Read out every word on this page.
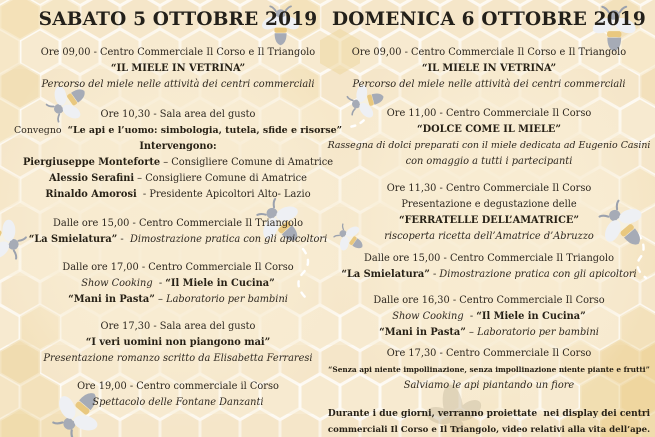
SABATO 5 OTTOBRE 2019
Ore 09,00 - Centro Commerciale Il Corso e Il Triangolo
“IL MIELE IN VETRINA”
Percorso del miele nelle attività dei centri commerciali
Ore 10,30 - Sala area del gusto
Convegno  “Le api e l’uomo: simbologia, tutela, sfide e risorse”
Intervengono:
Piergiuseppe Monteforte – Consigliere Comune di Amatrice
Alessio Serafini – Consigliere Comune di Amatrice
Rinaldo Amorosi  - Presidente Apicoltori Alto- Lazio
Dalle ore 15,00 - Centro Commerciale Il Triangolo
“La Smielatura” -  Dimostrazione pratica con gli apicoltori
Dalle ore 17,00 - Centro Commerciale Il Corso
Show Cooking  - “Il Miele in Cucina”
“Mani in Pasta” – Laboratorio per bambini
Ore 17,30 - Sala area del gusto
“I veri uomini non piangono mai”
Presentazione romanzo scritto da Elisabetta Ferraresi
Ore 19,00 - Centro commerciale il Corso
Spettacolo delle Fontane Danzanti
DOMENICA 6 OTTOBRE 2019
Ore 09,00 - Centro Commerciale Il Corso e Il Triangolo
“IL MIELE IN VETRINA”
Percorso del miele nelle attività dei centri commerciali
Ore 11,00 - Centro Commerciale Il Corso
“DOLCE COME IL MIELE”
Rassegna di dolci preparati con il miele dedicata ad Eugenio Casini
con omaggio a tutti i partecipanti
Ore 11,30 - Centro Commerciale Il Corso
Presentazione e degustazione delle
“FERRATELLE DELL’AMATRICE”
riscoperta ricetta dell’Amatrice d’Abruzzo
Dalle ore 15,00 - Centro Commerciale Il Triangolo
“La Smielatura” - Dimostrazione pratica con gli apicoltori
Dalle ore 16,30 - Centro Commerciale Il Corso
Show Cooking  - “Il Miele in Cucina”
“Mani in Pasta” – Laboratorio per bambini
Ore 17,30 - Centro Commerciale Il Corso
“Senza api niente impollinazione, senza impollinazione niente piante e frutti”
Salviamo le api piantando un fiore
Durante i due giorni, verranno proiettate  nei display dei centri
commerciali Il Corso e Il Triangolo, video relativi alla vita dell’ape.
